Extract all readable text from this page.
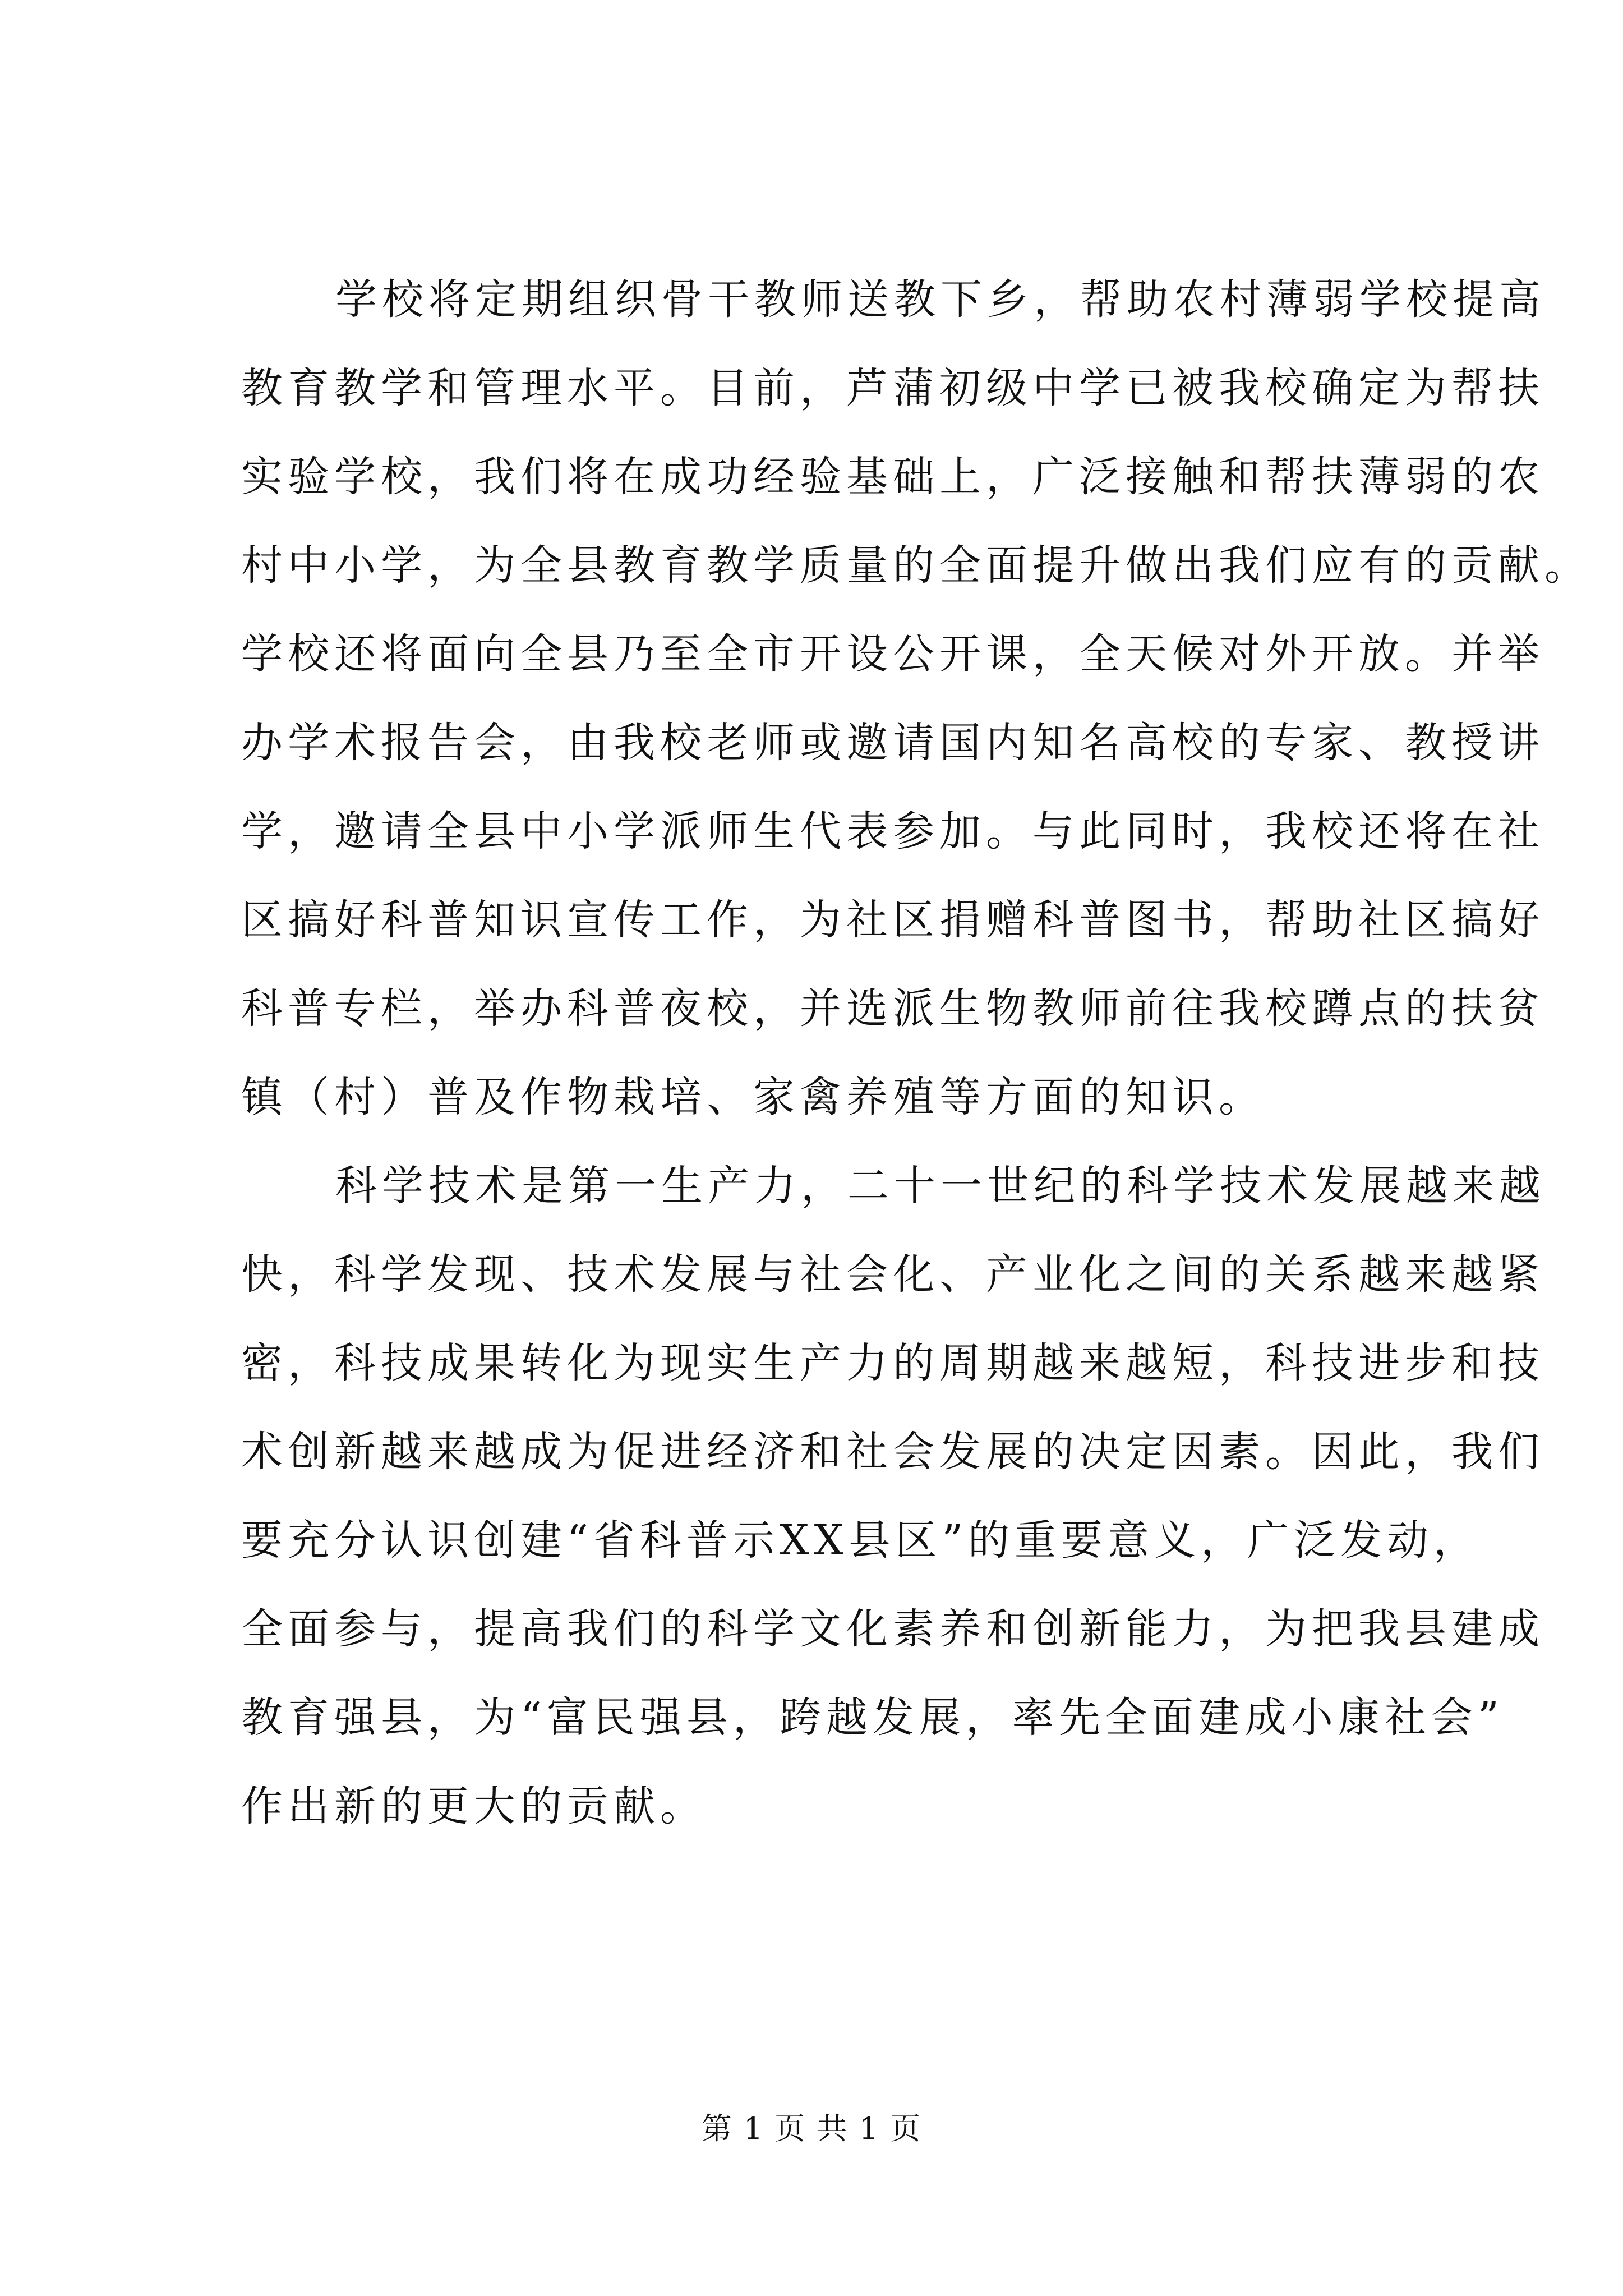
学校将定期组织骨干教师送教下乡，帮助农村薄弱学校提高
教育教学和管理水平。目前，芦蒲初级中学已被我校确定为帮扶
实验学校，我们将在成功经验基础上，广泛接触和帮扶薄弱的农
村中小学，为全县教育教学质量的全面提升做出我们应有的贡献。
学校还将面向全县乃至全市开设公开课，全天候对外开放。并举
办学术报告会，由我校老师或邀请国内知名高校的专家、教授讲
学，邀请全县中小学派师生代表参加。与此同时，我校还将在社
区搞好科普知识宣传工作，为社区捐赠科普图书，帮助社区搞好
科普专栏，举办科普夜校，并选派生物教师前往我校蹲点的扶贫
镇（村）普及作物栽培、家禽养殖等方面的知识。
科学技术是第一生产力，二十一世纪的科学技术发展越来越
快，科学发现、技术发展与社会化、产业化之间的关系越来越紧
密，科技成果转化为现实生产力的周期越来越短，科技进步和技
术创新越来越成为促进经济和社会发展的决定因素。因此，我们
要充分认识创建“省科普示XX县区”的重要意义，广泛发动，
全面参与，提高我们的科学文化素养和创新能力，为把我县建成
教育强县，为“富民强县，跨越发展，率先全面建成小康社会”
作出新的更大的贡献。
第 1 页 共 1 页
